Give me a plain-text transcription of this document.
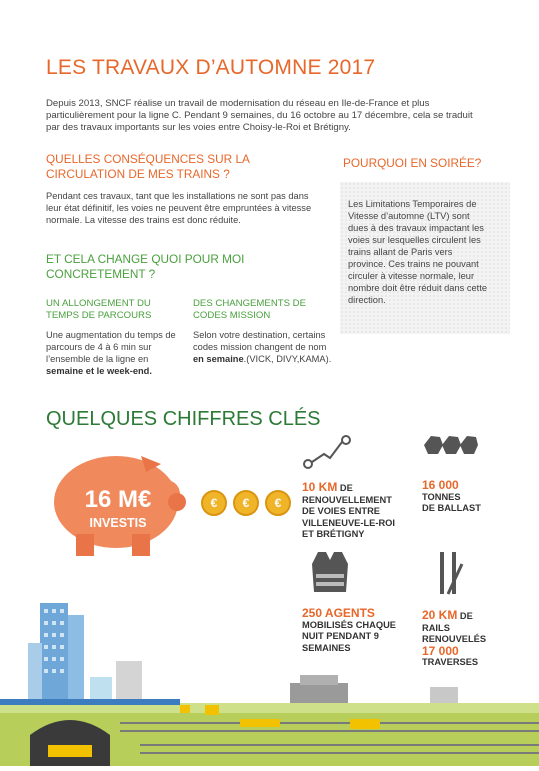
LES TRAVAUX D’AUTOMNE 2017
Depuis 2013, SNCF réalise un travail de modernisation du réseau en Ile-de-France et plus particulièrement pour la ligne C. Pendant 9 semaines, du 16 octobre au 17 décembre, cela se traduit par des travaux importants sur les voies entre Choisy-le-Roi et Brétigny.
QUELLES CONSÉQUENCES SUR LA
CIRCULATION DE MES TRAINS ?
Pendant ces travaux, tant que les installations ne sont pas dans leur état définitif, les voies ne peuvent être empruntées à vitesse normale. La vitesse des trains est donc réduite.
ET CELA CHANGE QUOI POUR MOI
CONCRETEMENT ?
UN ALLONGEMENT DU
TEMPS DE PARCOURS
Une augmentation du temps de parcours de 4 à 6 min sur l’ensemble de la ligne en semaine et le week-end.
DES CHANGEMENTS DE
CODES MISSION
Selon votre destination, certains codes mission changent de nom en semaine.(VICK, DIVY,KAMA).
POURQUOI EN SOIRÉE?
Les Limitations Temporaires de Vitesse d’automne (LTV) sont dues à des travaux impactant les voies sur lesquelles circulent les trains allant de Paris vers province. Ces trains ne pouvant circuler à vitesse normale, leur nombre doit être réduit dans cette direction.
QUELQUES CHIFFRES CLÉS
16 M€
INVESTIS
€	€	€
10 KM DE
RENOUVELLEMENT
DE VOIES ENTRE
VILLENEUVE-LE-ROI
ET BRÉTIGNY
16 000
TONNES
DE BALLAST
250 AGENTS
MOBILISÉS CHAQUE
NUIT PENDANT 9
SEMAINES
20 KM DE
RAILS
RENOUVELÉS
17 000
TRAVERSES
